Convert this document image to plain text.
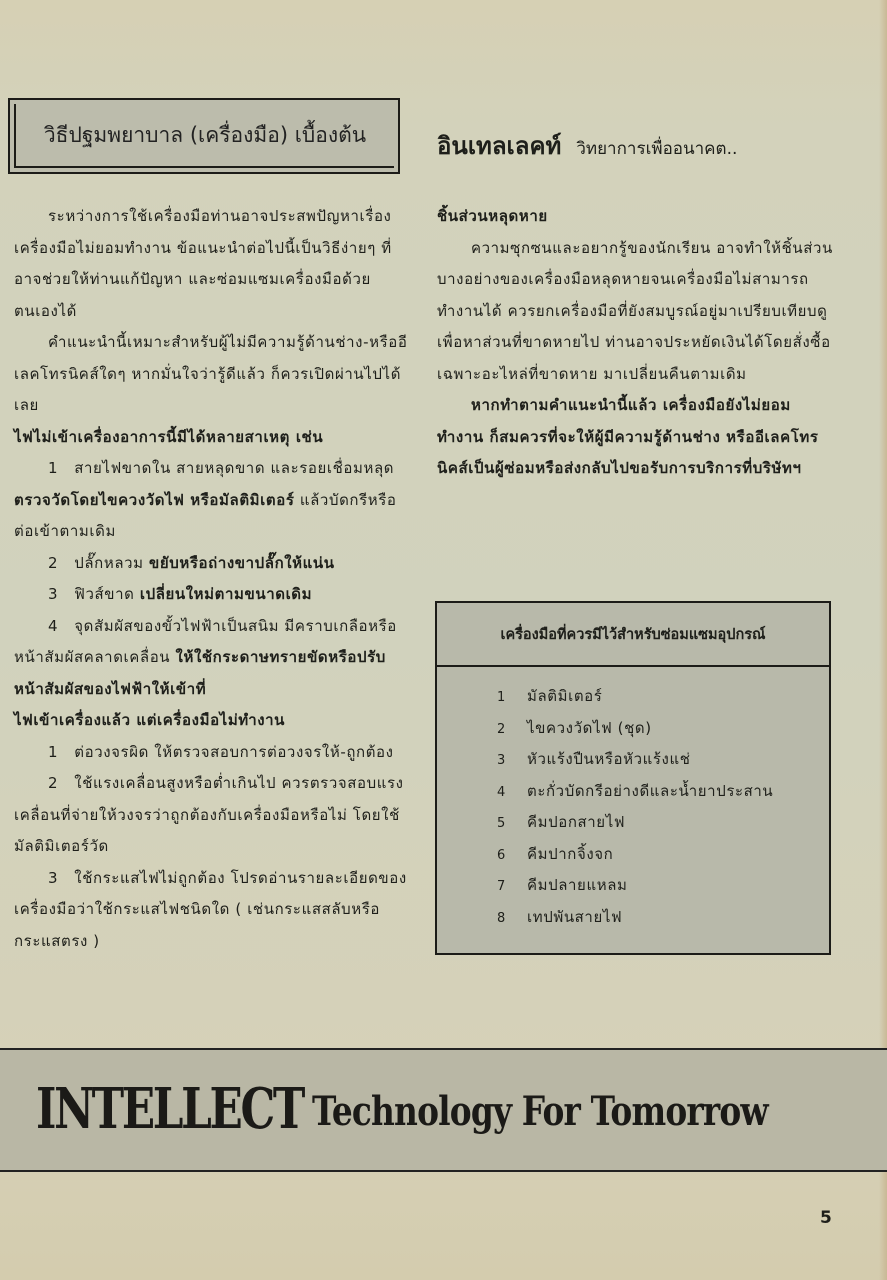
วิธีปฐมพยาบาล (เครื่องมือ) เบื้องต้น	อินเทลเลคท์ วิทยาการเพื่ออนาคต..

ระหว่างการใช้เครื่องมือท่านอาจประสพปัญหาเรื่องเครื่องมือไม่ยอมทำงาน ข้อแนะนำต่อไปนี้เป็นวิธีง่ายๆ ที่อาจช่วยให้ท่านแก้ปัญหา และซ่อมแซมเครื่องมือด้วยตนเองได้

คำแนะนำนี้เหมาะสำหรับผู้ไม่มีความรู้ด้านช่าง-หรืออีเลคโทรนิคส์ใดๆ หากมั่นใจว่ารู้ดีแล้ว ก็ควรเปิดผ่านไปได้เลย

ไฟไม่เข้าเครื่องอาการนี้มีได้หลายสาเหตุ เช่น

1 สายไฟขาดใน สายหลุดขาด และรอยเชื่อมหลุด ตรวจวัดโดยไขควงวัดไฟ หรือมัลติมิเตอร์ แล้วบัดกรีหรือต่อเข้าตามเดิม

2 ปลั๊กหลวม ขยับหรือถ่างขาปลั๊กให้แน่น

3 ฟิวส์ขาด เปลี่ยนใหม่ตามขนาดเดิม

4 จุดสัมผัสของขั้วไฟฟ้าเป็นสนิม มีคราบเกลือหรือหน้าสัมผัสคลาดเคลื่อน ให้ใช้กระดาษทรายขัดหรือปรับหน้าสัมผัสของไฟฟ้าให้เข้าที่

ไฟเข้าเครื่องแล้ว แต่เครื่องมือไม่ทำงาน

1 ต่อวงจรผิด ให้ตรวจสอบการต่อวงจรให้-ถูกต้อง

2 ใช้แรงเคลื่อนสูงหรือต่ำเกินไป ควรตรวจสอบแรงเคลื่อนที่จ่ายให้วงจรว่าถูกต้องกับเครื่องมือหรือไม่ โดยใช้มัลติมิเตอร์วัด

3 ใช้กระแสไฟไม่ถูกต้อง โปรดอ่านรายละเอียดของเครื่องมือว่าใช้กระแสไฟชนิดใด ( เช่นกระแสสลับหรือกระแสตรง )

ชิ้นส่วนหลุดหาย

ความซุกซนและอยากรู้ของนักเรียน อาจทำให้ชิ้นส่วนบางอย่างของเครื่องมือหลุดหายจนเครื่องมือไม่สามารถทำงานได้ ควรยกเครื่องมือที่ยังสมบูรณ์อยู่มาเปรียบเทียบดูเพื่อหาส่วนที่ขาดหายไป ท่านอาจประหยัดเงินได้โดยสั่งซื้อเฉพาะอะไหล่ที่ขาดหาย มาเปลี่ยนคืนตามเดิม

หากทำตามคำแนะนำนี้แล้ว เครื่องมือยังไม่ยอมทำงาน ก็สมควรที่จะให้ผู้มีความรู้ด้านช่าง หรืออีเลคโทรนิคส์เป็นผู้ซ่อมหรือส่งกลับไปขอรับการบริการที่บริษัทฯ

เครื่องมือที่ควรมีไว้สำหรับซ่อมแซมอุปกรณ์
1 มัลติมิเตอร์
2 ไขควงวัดไฟ (ชุด)
3 หัวแร้งปืนหรือหัวแร้งแช่
4 ตะกั่วบัดกรีอย่างดีและน้ำยาประสาน
5 คีมปอกสายไฟ
6 คีมปากจิ้งจก
7 คีมปลายแหลม
8 เทปพันสายไฟ
INTELLECT Technology For Tomorrow
5
